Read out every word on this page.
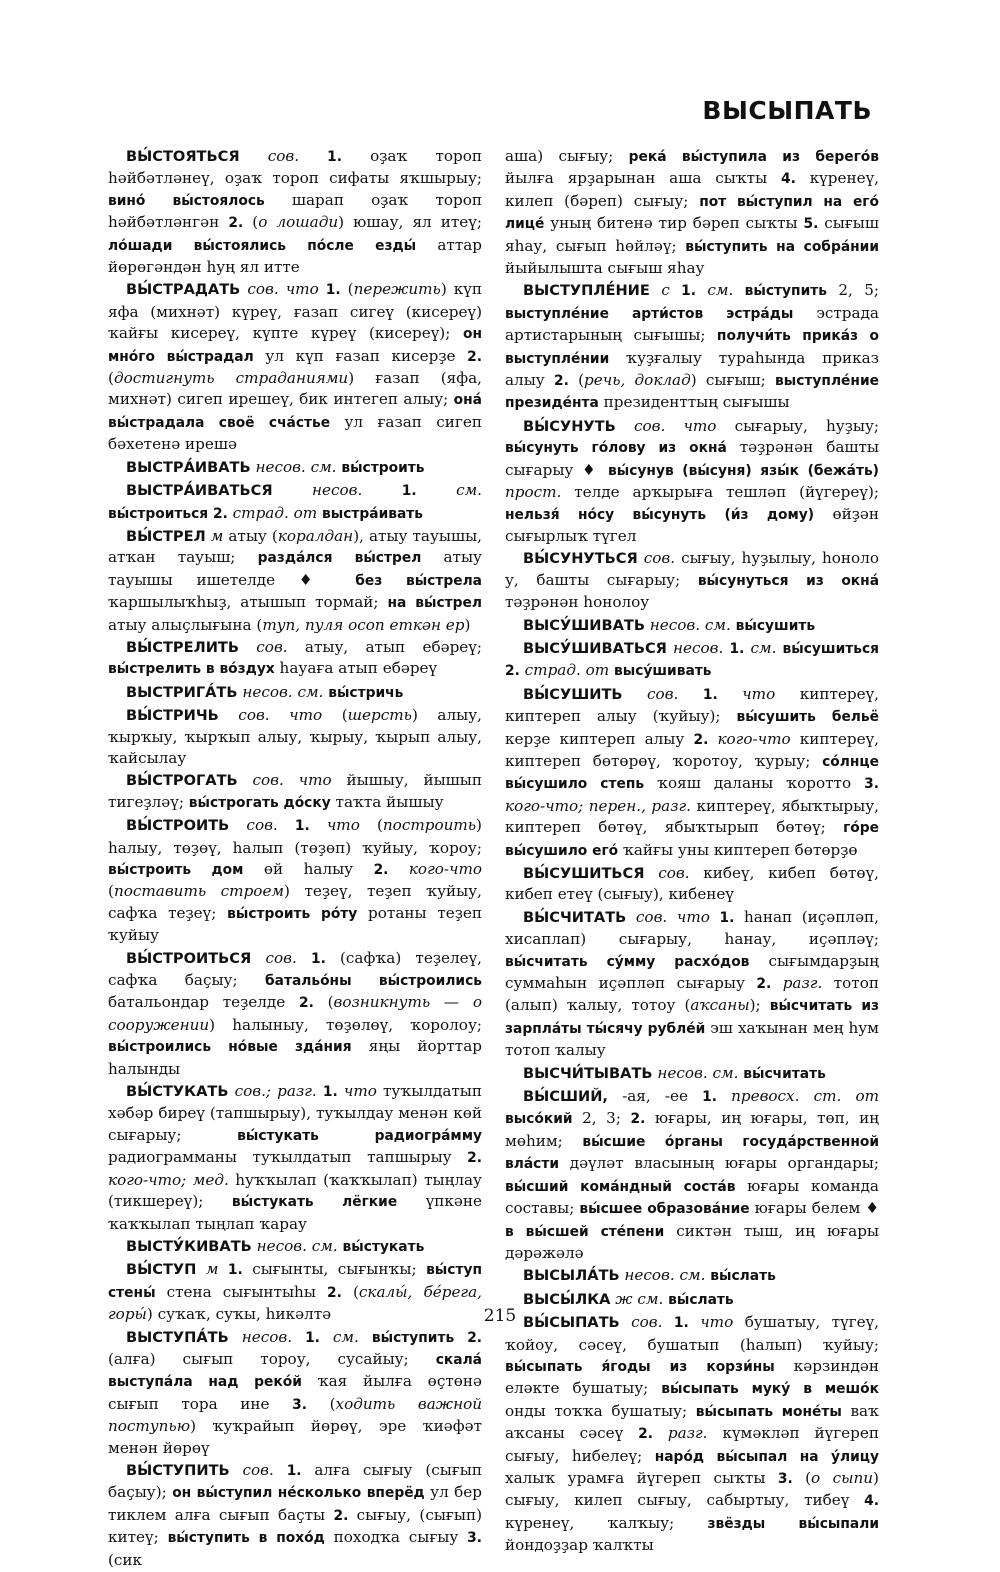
ВЫСЫПАТЬ

ВЫ́СТОЯТЬСЯ сов. 1. оҙаҡ тороп һәйбәтләнеү, оҙаҡ тороп сифаты яҡшырыу; вино́ вы́стоялось шарап оҙаҡ тороп һәйбәтләнгән 2. (о лошади) юшау, ял итеү; ло́шади вы́стоялись по́сле езды́ аттар йөрөгәндән һуң ял итте

ВЫ́СТРАДАТЬ сов. что 1. (пережить) күп яфа (михнәт) күреү, ғазап сигеү (кисереү) ҡайғы кисереү, күпте күреү (кисереү); он мно́го вы́страдал ул күп ғазап кисерҙе 2. (достигнуть страданиями) ғазап (яфа, михнәт) сигеп ирешеү, бик интегеп алыу; она́ вы́страдала своё сча́стье ул ғазап сигеп бәхетенә ирешә

ВЫСТРА́ИВАТЬ несов. см. вы́строить

ВЫСТРА́ИВАТЬСЯ несов.	1. см. вы́строиться 2. страд. от выстра́ивать

ВЫ́СТРЕЛ м атыу (коралдан), атыу тауышы, атҡан тауыш; разда́лся вы́стрел атыу тауышы ишетелде ♦ без вы́стрела ҡаршылыҡһыҙ, атышып тормай; на вы́стрел атыу алыҫлығына (туп, пуля осоп еткән ер)

ВЫ́СТРЕЛИТЬ сов. атыу, атып ебәреү; вы́стрелить в во́здух һауаға атып ебәреү

ВЫСТРИГА́ТЬ несов. см. вы́стричь

ВЫ́СТРИЧЬ сов. что (шерсть) алыу, ҡырҡыу, ҡырҡып алыу, ҡырыу, ҡырып алыу, ҡайсылау

ВЫ́СТРОГАТЬ сов. что йышыу, йышып тигеҙләү; вы́строгать до́ску таҡта йышыу

ВЫ́СТРОИТЬ сов. 1. что (построить) һалыу, төҙөү, һалып (төҙөп) ҡуйыу, ҡороу; вы́строить дом өй һалыу 2. кого-что (поставить строем) теҙеү, теҙеп ҡуйыу, сафҡа теҙеү; вы́строить ро́ту ротаны теҙеп ҡуйыу

ВЫ́СТРОИТЬСЯ сов. 1. (сафҡа) теҙелеү, сафҡа баҫыу; батальо́ны вы́строились батальондар теҙелде 2. (возникнуть — о сооружении) һалыныу, төҙөлөү, ҡоролоу; вы́строились но́вые зда́ния яңы йорттар һалынды

ВЫ́СТУКАТЬ сов.; разг. 1. что туҡылдатып хәбәр биреү (тапшырыу), туҡылдау менән көй сығарыу; вы́стукать радиогра́мму радиограмманы туҡылдатып тапшырыу 2. кого-что; мед. һуҡҡылап (ҡаҡҡылап) тыңлау (тикшереү); вы́стукать лёгкие үпкәне ҡаҡҡылап тыңлап ҡарау

ВЫСТУ́КИВАТЬ несов. см. вы́стукать

ВЫ́СТУП м 1. сығынты, сығынҡы; вы́ступ стены́ стена сығынтыһы 2. (скалы́, бе́рега, горы́) суҡаҡ, суҡы, һикәлтә

ВЫСТУПА́ТЬ несов. 1. см. вы́ступить 2. (алға) сығып тороу, сусайыу; скала́ выступа́ла над реко́й ҡая йылға өҫтөнә сығып тора ине 3. (ходить важной поступью) ҡуҡрайып йөрөү, эре ҡиәфәт менән йөрөү

ВЫ́СТУПИТЬ сов. 1. алға сығыу (сығып баҫыу); он вы́ступил не́сколько вперёд ул бер тиклем алға сығып баҫты 2. сығыу, (сығып) китеү; вы́ступить в похо́д походҡа сығыу 3. (сик

аша) сығыу; река́ вы́ступила из берего́в йылға ярҙарынан аша сыҡты 4. күренеү, килеп (бәреп) сығыу; пот вы́ступил на его́ лице́ уның битенә тир бәреп сыҡты 5. сығыш яһау, сығып һөйләү; вы́ступить на собра́нии йыйылышта сығыш яһау

ВЫСТУПЛЕ́НИЕ с 1. см. вы́ступить 2, 5; выступле́ние арти́стов эстра́ды эстрада артистарының сығышы; получи́ть прика́з о выступле́нии ҡуҙғалыу тураһында приказ алыу 2. (речь, доклад) сығыш; выступле́ние президе́нта президенттың сығышы

ВЫ́СУНУТЬ сов. что сығарыу, һуҙыу; вы́сунуть го́лову из окна́ тәҙрәнән башты сығарыу ♦ вы́сунув (вы́суня) язы́к (бежа́ть) прост. телде арҡырыға тешләп (йүгереү); нельзя́ но́су вы́сунуть (и́з дому) өйҙән сығырлыҡ түгел

ВЫ́СУНУТЬСЯ сов. сығыу, һуҙылыу, һоноло у, башты сығарыу; вы́сунуться из окна́ тәҙрәнән һонолоу

ВЫСУ́ШИВАТЬ несов. см. вы́сушить

ВЫСУ́ШИВАТЬСЯ несов. 1. см. вы́сушиться 2. страд. от высу́шивать

ВЫ́СУШИТЬ сов. 1. что киптереү, киптереп алыу (ҡуйыу); вы́сушить бельё керҙе киптереп алыу 2. кого-что киптереү, киптереп бөтөрөү, ҡоротоу, ҡурыу; со́лнце вы́сушило степь ҡояш даланы ҡоротто 3. кого-что; перен., разг. киптереү, ябыҡтырыу, киптереп бөтөү, ябыҡтырып бөтөү; го́ре вы́сушило его́ ҡайғы уны киптереп бөтөрҙө

ВЫ́СУШИТЬСЯ сов. кибеү, кибеп бөтөү, кибеп етеү (сығыу), кибенеү

ВЫ́СЧИТАТЬ сов. что 1. һанап (иҫәпләп, хисаплап) сығарыу, һанау, иҫәпләү; вы́считать су́мму расхо́дов сығымдарҙың суммаһын иҫәпләп сығарыу 2. разг. тотоп (алып) ҡалыу, тотоу (аҡсаны); вы́считать из зарпла́ты ты́сячу рубле́й эш хаҡынан мең һум тотоп ҡалыу

ВЫСЧИ́ТЫВАТЬ несов. см. вы́считать

ВЫ́СШИЙ, -ая, -ее 1. превосх. ст. от высо́кий 2, 3; 2. юғары, иң юғары, төп, иң мөһим; вы́сшие о́рганы госуда́рственной вла́сти дәүләт власының юғары органдары; вы́сший кома́ндный соста́в юғары команда составы; вы́сшее образова́ние юғары белем ♦ в вы́сшей сте́пени сиктән тыш, иң юғары дәрәжәлә

ВЫСЫЛА́ТЬ несов. см. вы́слать

ВЫСЫ́ЛКА ж см. вы́слать

ВЫ́СЫПАТЬ сов. 1. что бушатыу, түгеү, ҡойоу, сәсеү, бушатып (һалып) ҡуйыу; вы́сыпать я́годы из корзи́ны кәрзиндән еләкте бушатыу; вы́сыпать муку́ в мешо́к онды тоҡҡа бушатыу; вы́сыпать моне́ты ваҡ аҡсаны сәсеү 2. разг. күмәкләп йүгереп сығыу, һибелеү; наро́д вы́сыпал на у́лицу халыҡ урамға йүгереп сыҡты 3. (о сыпи) сығыу, килеп сығыу, сабыртыу, тибеү 4. күренеү, ҡалҡыу; звёзды вы́сыпали йондоҙҙар ҡалҡты

215
